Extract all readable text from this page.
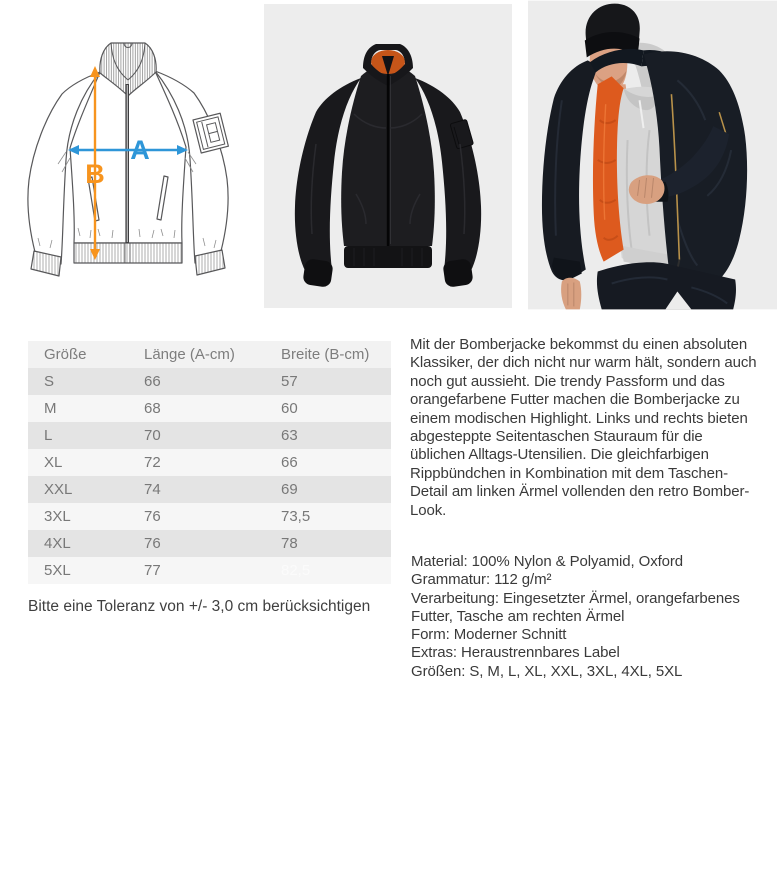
A
B
Größe	Länge (A-cm)	Breite (B-cm)
S	66	57
M	68	60
L	70	63
XL	72	66
XXL	74	69
3XL	76	73,5
4XL	76	78
5XL	77	82,5

Bitte eine Toleranz von +/- 3,0 cm berücksichtigen

Mit der Bomberjacke bekommst du einen absoluten Klassiker, der dich nicht nur warm hält, sondern auch noch gut aussieht. Die trendy Passform und das orangefarbene Futter machen die Bomberjacke zu einem modischen Highlight. Links und rechts bieten abgesteppte Seitentaschen Stauraum für die üblichen Alltags-Utensilien. Die gleichfarbigen Rippbündchen in Kombination mit dem Taschen-Detail am linken Ärmel vollenden den retro Bomber-Look.

Material: 100% Nylon & Polyamid, Oxford
Grammatur: 112 g/m²
Verarbeitung: Eingesetzter Ärmel, orangefarbenes Futter, Tasche am rechten Ärmel
Form: Moderner Schnitt
Extras: Heraustrennbares Label
Größen: S, M, L, XL, XXL, 3XL, 4XL, 5XL
